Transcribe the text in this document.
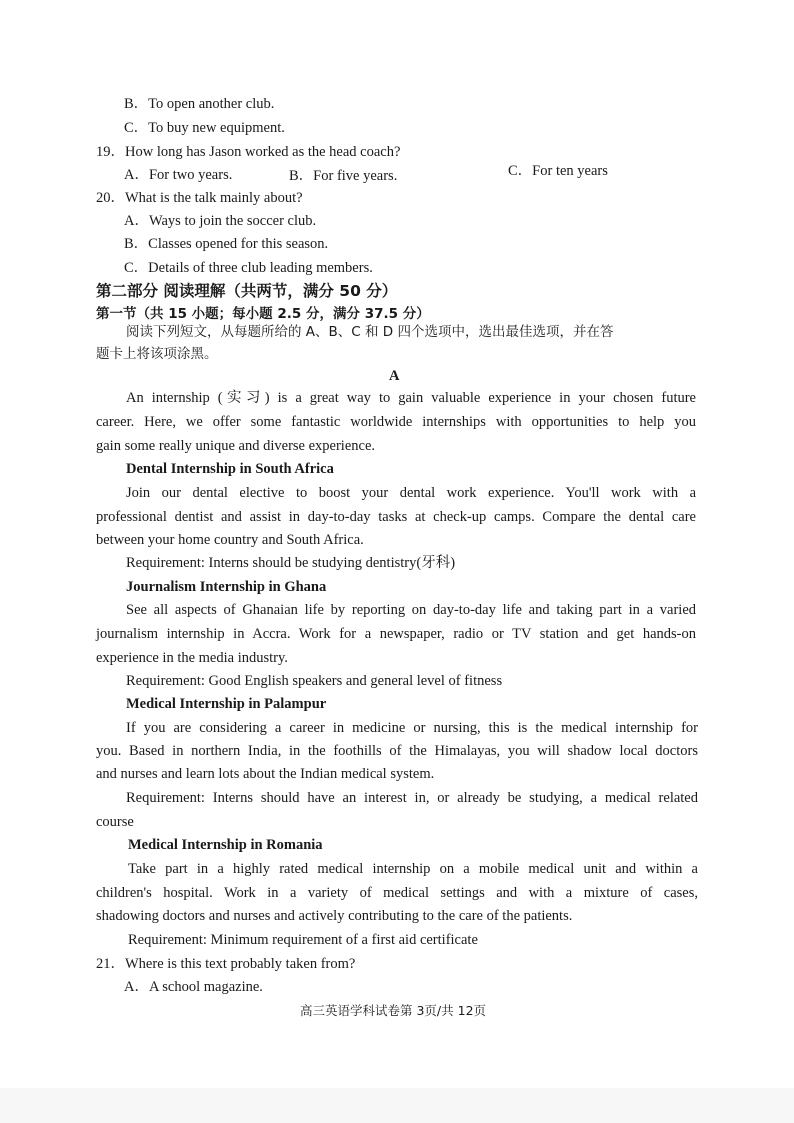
B．To open another club.
C．To buy new equipment.
19．How long has Jason worked as the head coach?
A．For two years.	B．For five years.	C．For ten years
20．What is the talk mainly about?
A．Ways to join the soccer club.
B．Classes opened for this season.
C．Details of three club leading members.
第二部分 阅读理解（共两节，满分 50 分）
第一节（共 15 小题；每小题 2.5 分，满分 37.5 分）
阅读下列短文，从每题所给的 A、B、C 和 D 四个选项中，选出最佳选项，并在答
题卡上将该项涂黑。
A
An internship (实习) is a great way to gain valuable experience in your chosen future
career. Here, we offer some fantastic worldwide internships with opportunities to help you
gain some really unique and diverse experience.
Dental Internship in South Africa
Join our dental elective to boost your dental work experience. You'll work with a
professional dentist and assist in day-to-day tasks at check-up camps. Compare the dental care
between your home country and South Africa.
Requirement: Interns should be studying dentistry(牙科)
Journalism Internship in Ghana
See all aspects of Ghanaian life by reporting on day-to-day life and taking part in a varied
journalism internship in Accra. Work for a newspaper, radio or TV station and get hands-on
experience in the media industry.
Requirement: Good English speakers and general level of fitness
Medical Internship in Palampur
If you are considering a career in medicine or nursing, this is the medical internship for
you. Based in northern India, in the foothills of the Himalayas, you will shadow local doctors
and nurses and learn lots about the Indian medical system.
Requirement: Interns should have an interest in, or already be studying, a medical related
course
Medical Internship in Romania
Take part in a highly rated medical internship on a mobile medical unit and within a
children's hospital. Work in a variety of medical settings and with a mixture of cases,
shadowing doctors and nurses and actively contributing to the care of the patients.
Requirement: Minimum requirement of a first aid certificate
21．Where is this text probably taken from?
A．A school magazine.
高三英语学科试卷第 3页/共 12页
